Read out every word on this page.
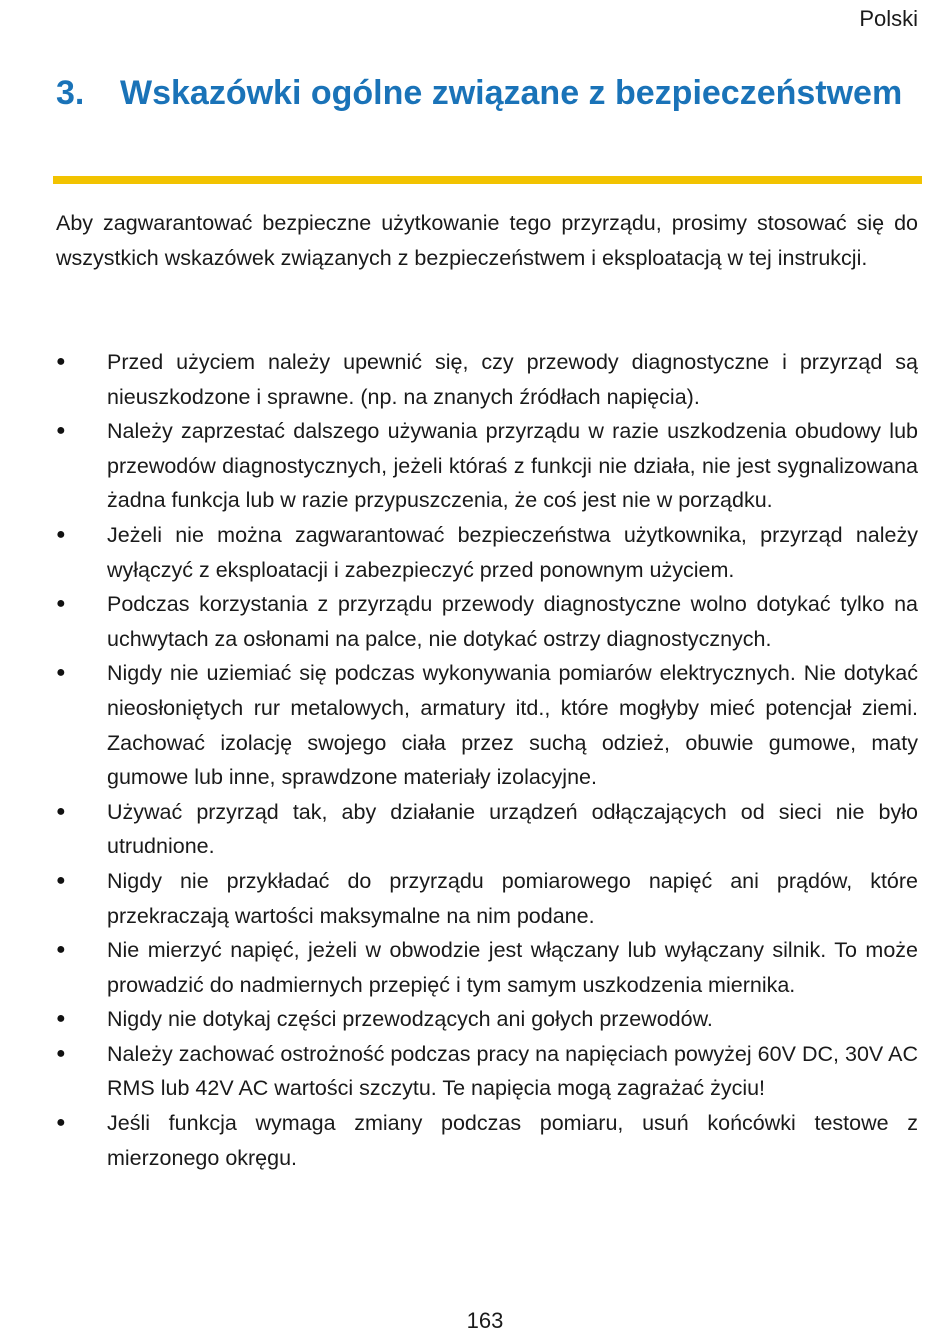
Polski
3.	Wskazówki ogólne związane z bezpieczeństwem

Aby zagwarantować bezpieczne użytkowanie tego przyrządu, prosimy stosować się do wszystkich wskazówek związanych z bezpieczeństwem i eksploatacją w tej instrukcji.

● Przed użyciem należy upewnić się, czy przewody diagnostyczne i przyrząd są nieuszkodzone i sprawne. (np. na znanych źródłach napięcia).
● Należy zaprzestać dalszego używania przyrządu w razie uszkodzenia obudowy lub przewodów diagnostycznych, jeżeli któraś z funkcji nie działa, nie jest sygnalizowana żadna funkcja lub w razie przypuszczenia, że coś jest nie w porządku.
● Jeżeli nie można zagwarantować bezpieczeństwa użytkownika, przyrząd należy wyłączyć z eksploatacji i zabezpieczyć przed ponownym użyciem.
● Podczas korzystania z przyrządu przewody diagnostyczne wolno dotykać tylko na uchwytach za osłonami na palce, nie dotykać ostrzy diagnostycznych.
● Nigdy nie uziemiać się podczas wykonywania pomiarów elektrycznych. Nie dotykać nieosłoniętych rur metalowych, armatury itd., które mogłyby mieć potencjał ziemi. Zachować izolację swojego ciała przez suchą odzież, obuwie gumowe, maty gumowe lub inne, sprawdzone materiały izolacyjne.
● Używać przyrząd tak, aby działanie urządzeń odłączających od sieci nie było utrudnione.
● Nigdy nie przykładać do przyrządu pomiarowego napięć ani prądów, które przekraczają wartości maksymalne na nim podane.
● Nie mierzyć napięć, jeżeli w obwodzie jest włączany lub wyłączany silnik. To może prowadzić do nadmiernych przepięć i tym samym uszkodzenia miernika.
● Nigdy nie dotykaj części przewodzących ani gołych przewodów.
● Należy zachować ostrożność podczas pracy na napięciach powyżej 60V DC, 30V AC RMS lub 42V AC wartości szczytu. Te napięcia mogą zagrażać życiu!
● Jeśli funkcja wymaga zmiany podczas pomiaru, usuń końcówki testowe z mierzonego okręgu.
163
